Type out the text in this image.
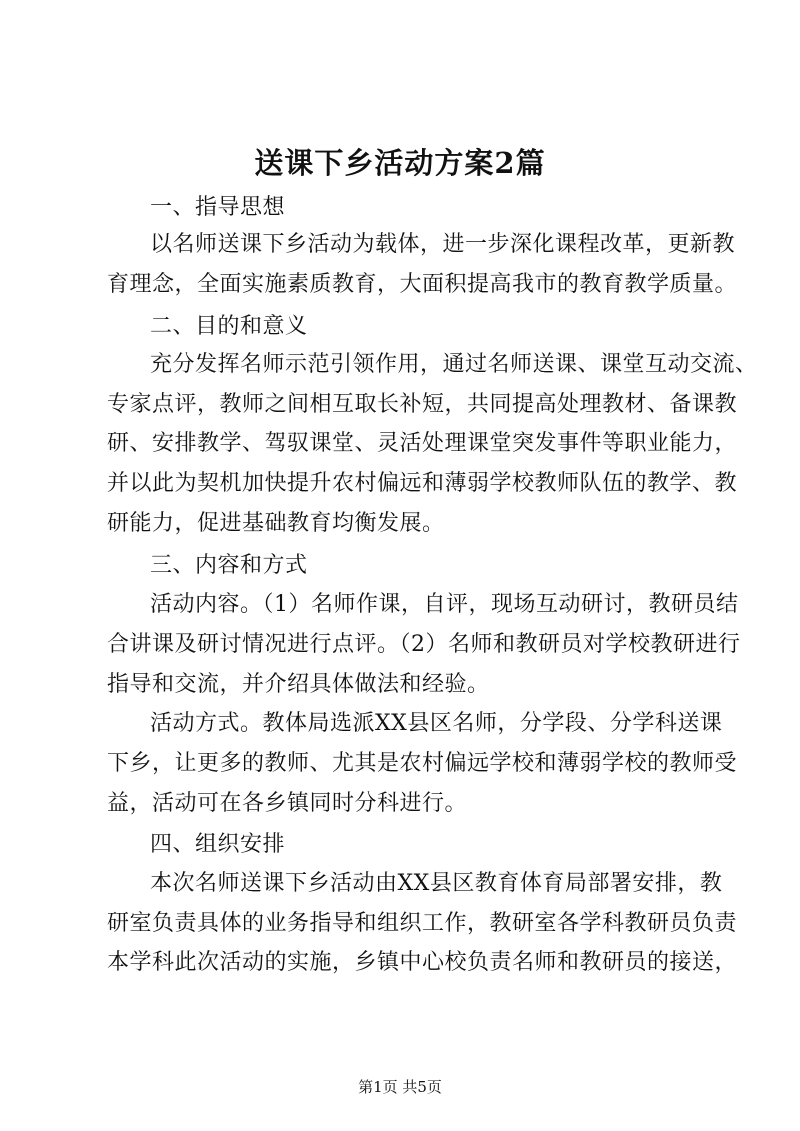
送课下乡活动方案2篇
一、指导思想
以名师送课下乡活动为载体，进一步深化课程改革，更新教
育理念，全面实施素质教育，大面积提高我市的教育教学质量。
二、目的和意义
充分发挥名师示范引领作用，通过名师送课、课堂互动交流、
专家点评，教师之间相互取长补短，共同提高处理教材、备课教
研、安排教学、驾驭课堂、灵活处理课堂突发事件等职业能力，
并以此为契机加快提升农村偏远和薄弱学校教师队伍的教学、教
研能力，促进基础教育均衡发展。
三、内容和方式
活动内容。（1）名师作课，自评，现场互动研讨，教研员结
合讲课及研讨情况进行点评。（2）名师和教研员对学校教研进行
指导和交流，并介绍具体做法和经验。
活动方式。教体局选派XX县区名师，分学段、分学科送课
下乡，让更多的教师、尤其是农村偏远学校和薄弱学校的教师受
益，活动可在各乡镇同时分科进行。
四、组织安排
本次名师送课下乡活动由XX县区教育体育局部署安排，教
研室负责具体的业务指导和组织工作，教研室各学科教研员负责
本学科此次活动的实施，乡镇中心校负责名师和教研员的接送，
第1页 共5页
